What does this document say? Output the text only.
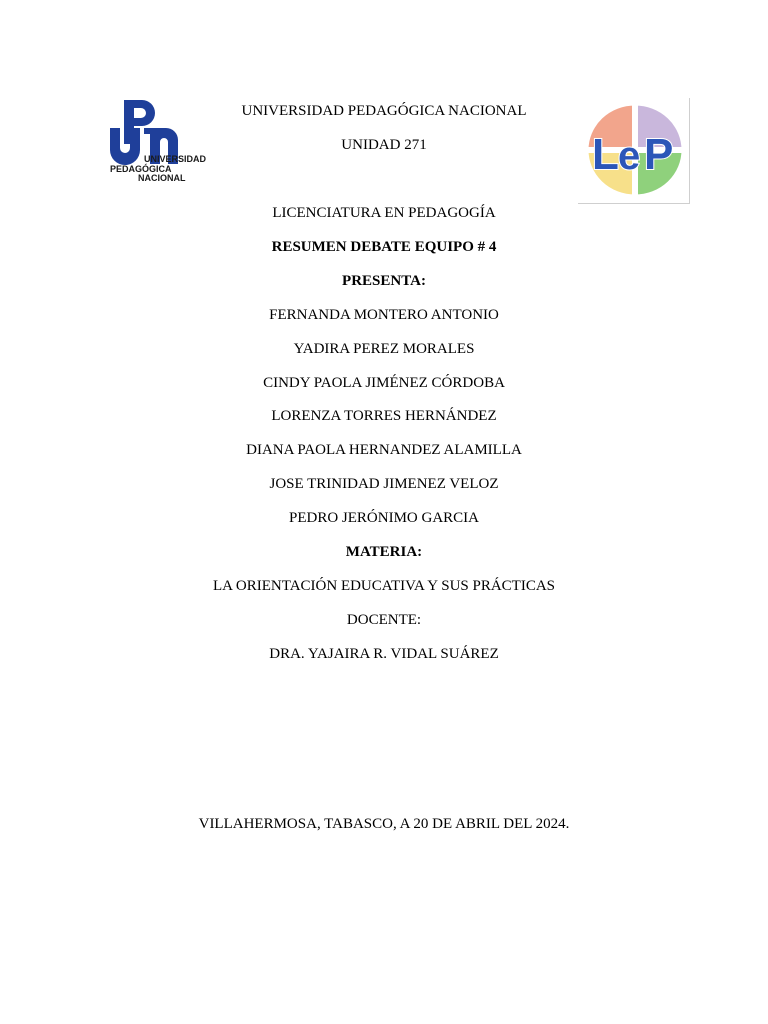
UNIVERSIDAD
PEDAGÓGICA
NACIONAL	L e P
UNIVERSIDAD PEDAGÓGICA NACIONAL
UNIDAD 271
LICENCIATURA EN PEDAGOGÍA
RESUMEN DEBATE EQUIPO # 4
PRESENTA:
FERNANDA MONTERO ANTONIO
YADIRA PEREZ MORALES
CINDY PAOLA JIMÉNEZ CÓRDOBA
LORENZA TORRES HERNÁNDEZ
DIANA PAOLA HERNANDEZ ALAMILLA
JOSE TRINIDAD JIMENEZ VELOZ
PEDRO JERÓNIMO GARCIA
MATERIA:
LA ORIENTACIÓN EDUCATIVA Y SUS PRÁCTICAS
DOCENTE:
DRA. YAJAIRA R. VIDAL SUÁREZ
VILLAHERMOSA, TABASCO, A 20 DE ABRIL DEL 2024.
